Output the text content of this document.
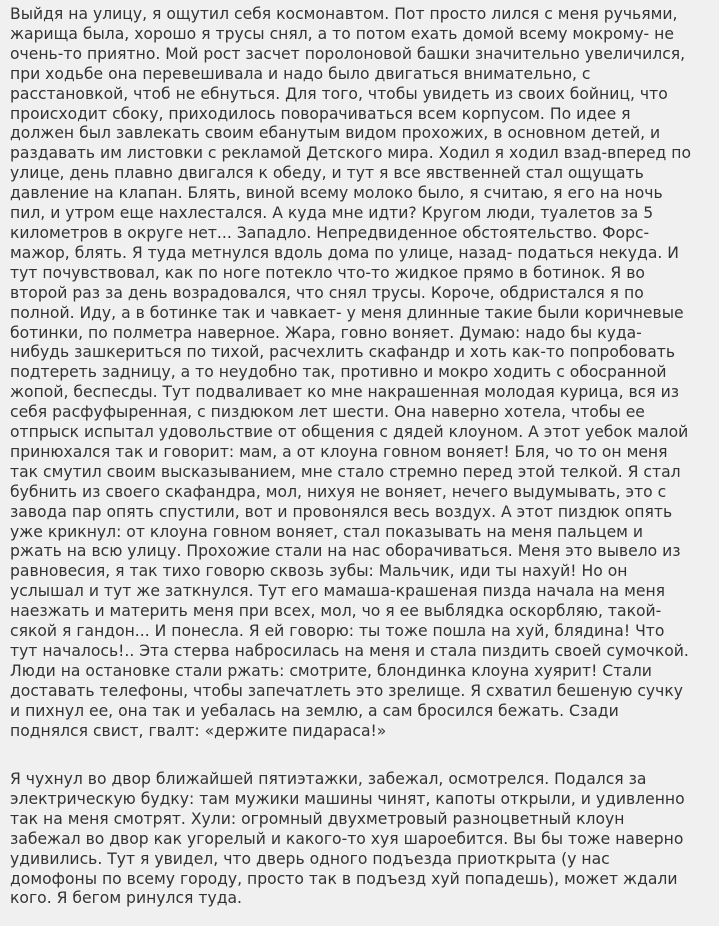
Выйдя на улицу, я ощутил себя космонавтом. Пот просто лился с меня ручьями,
жарища была, хорошо я трусы снял, а то потом ехать домой всему мокрому- не
очень-то приятно. Мой рост засчет поролоновой башки значительно увеличился,
при ходьбе она перевешивала и надо было двигаться внимательно, с
расстановкой, чтоб не ебнуться. Для того, чтобы увидеть из своих бойниц, что
происходит сбоку, приходилось поворачиваться всем корпусом. По идее я
должен был завлекать своим ебанутым видом прохожих, в основном детей, и
раздавать им листовки с рекламой Детского мира. Ходил я ходил взад-вперед по
улице, день плавно двигался к обеду, и тут я все явственней стал ощущать
давление на клапан. Блять, виной всему молоко было, я считаю, я его на ночь
пил, и утром еще нахлестался. А куда мне идти? Кругом люди, туалетов за 5
километров в округе нет... Западло. Непредвиденное обстоятельство. Форс-
мажор, блять. Я туда метнулся вдоль дома по улице, назад- податься некуда. И
тут почувствовал, как по ноге потекло что-то жидкое прямо в ботинок. Я во
второй раз за день возрадовался, что снял трусы. Короче, обдристался я по
полной. Иду, а в ботинке так и чавкает- у меня длинные такие были коричневые
ботинки, по полметра наверное. Жара, говно воняет. Думаю: надо бы куда-
нибудь зашкериться по тихой, расчехлить скафандр и хоть как-то попробовать
подтереть задницу, а то неудобно так, противно и мокро ходить с обосранной
жопой, беспесды. Тут подваливает ко мне накрашенная молодая курица, вся из
себя расфуфыренная, с пиздюком лет шести. Она наверно хотела, чтобы ее
отпрыск испытал удовольствие от общения с дядей клоуном. А этот уебок малой
принюхался так и говорит: мам, а от клоуна говном воняет! Бля, чо то он меня
так смутил своим высказыванием, мне стало стремно перед этой телкой. Я стал
бубнить из своего скафандра, мол, нихуя не воняет, нечего выдумывать, это с
завода пар опять спустили, вот и провонялся весь воздух. А этот пиздюк опять
уже крикнул: от клоуна говном воняет, стал показывать на меня пальцем и
ржать на всю улицу. Прохожие стали на нас оборачиваться. Меня это вывело из
равновесия, я так тихо говорю сквозь зубы: Мальчик, иди ты нахуй! Но он
услышал и тут же заткнулся. Тут его мамаша-крашеная пизда начала на меня
наезжать и материть меня при всех, мол, чо я ее выблядка оскорбляю, такой-
сякой я гандон... И понесла. Я ей говорю: ты тоже пошла на хуй, блядина! Что
тут началось!.. Эта стерва набросилась на меня и стала пиздить своей сумочкой.
Люди на остановке стали ржать: смотрите, блондинка клоуна хуярит! Стали
доставать телефоны, чтобы запечатлеть это зрелище. Я схватил бешеную сучку
и пихнул ее, она так и уебалась на землю, а сам бросился бежать. Сзади
поднялся свист, гвалт: «держите пидараса!»

Я чухнул во двор ближайшей пятиэтажки, забежал, осмотрелся. Подался за
электрическую будку: там мужики машины чинят, капоты открыли, и удивленно
так на меня смотрят. Хули: огромный двухметровый разноцветный клоун
забежал во двор как угорелый и какого-то хуя шароебится. Вы бы тоже наверно
удивились. Тут я увидел, что дверь одного подъезда приоткрыта (у нас
домофоны по всему городу, просто так в подъезд хуй попадешь), может ждали
кого. Я бегом ринулся туда.
